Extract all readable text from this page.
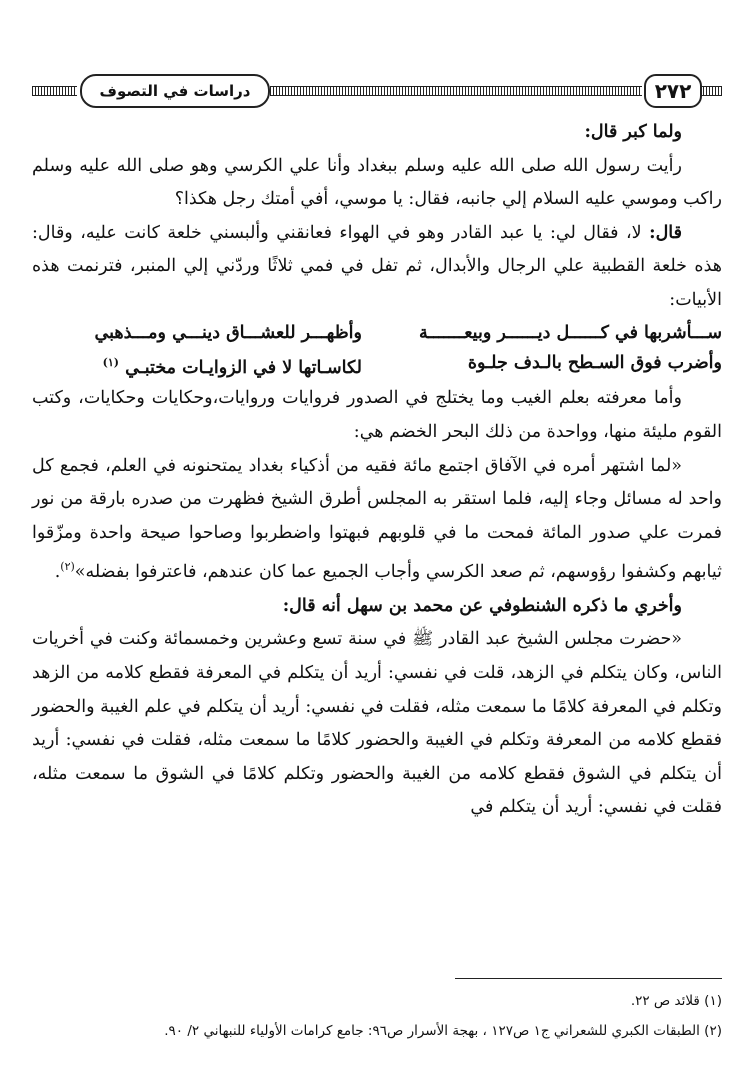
دراسات في التصوف	٢٧٢

ولما كبر قال:

رأيت رسول الله صلى الله عليه وسلم ببغداد وأنا علي الكرسي وهو صلى الله عليه وسلم راكب وموسي عليه السلام إلي جانبه، فقال: يا موسي، أفي أمتك رجل هكذا؟

قال: لا، فقال لي: يا عبد القادر وهو في الهواء فعانقني وألبسني خلعة كانت عليه، وقال: هذه خلعة القطبية علي الرجال والأبدال، ثم تفل في فمي ثلاثًا وردّني إلي المنبر، فترنمت هذه الأبيات:

ســـأشربها في كــــــل ديــــــر وبيعـــــــة
وأظهـــر للعشـــاق دينـــي ومـــذهبي
وأضرب فوق السـطح بالـدف جلـوة
لكاسـاتها لا في الزوايـات مختبـي $^{(١)}$

وأما معرفته بعلم الغيب وما يختلج في الصدور فروايات وروايات،وحكايات وحكايات، وكتب القوم مليئة منها، وواحدة من ذلك البحر الخضم هي:

«لما اشتهر أمره في الآفاق اجتمع مائة فقيه من أذكياء بغداد يمتحنونه في العلم، فجمع كل واحد له مسائل وجاء إليه، فلما استقر به المجلس أطرق الشيخ فظهرت من صدره بارقة من نور فمرت علي صدور المائة فمحت ما في قلوبهم فبهتوا واضطربوا وصاحوا صيحة واحدة ومزّقوا ثيابهم وكشفوا رؤوسهم، ثم صعد الكرسي وأجاب الجميع عما كان عندهم، فاعترفوا بفضله»$^{(٢)}$.

وأخري ما ذكره الشنطوفي عن محمد بن سهل أنه قال:

«حضرت مجلس الشيخ عبد القادر ﷺ في سنة تسع وعشرين وخمسمائة وكنت في أخريات الناس، وكان يتكلم في الزهد، قلت في نفسي: أريد أن يتكلم في المعرفة فقطع كلامه من الزهد وتكلم في المعرفة كلامًا ما سمعت مثله، فقلت في نفسي: أريد أن يتكلم في علم الغيبة والحضور فقطع كلامه من المعرفة وتكلم في الغيبة والحضور كلامًا ما سمعت مثله، فقلت في نفسي: أريد أن يتكلم في الشوق فقطع كلامه من الغيبة والحضور وتكلم كلامًا في الشوق ما سمعت مثله، فقلت في نفسي: أريد أن يتكلم في

(١) قلائد ص ٢٢.

(٢) الطبقات الكبري للشعراني ج١ ص١٢٧ ، بهجة الأسرار ص٩٦: جامع كرامات الأولياء للنبهاني ٢/ ٩٠.
